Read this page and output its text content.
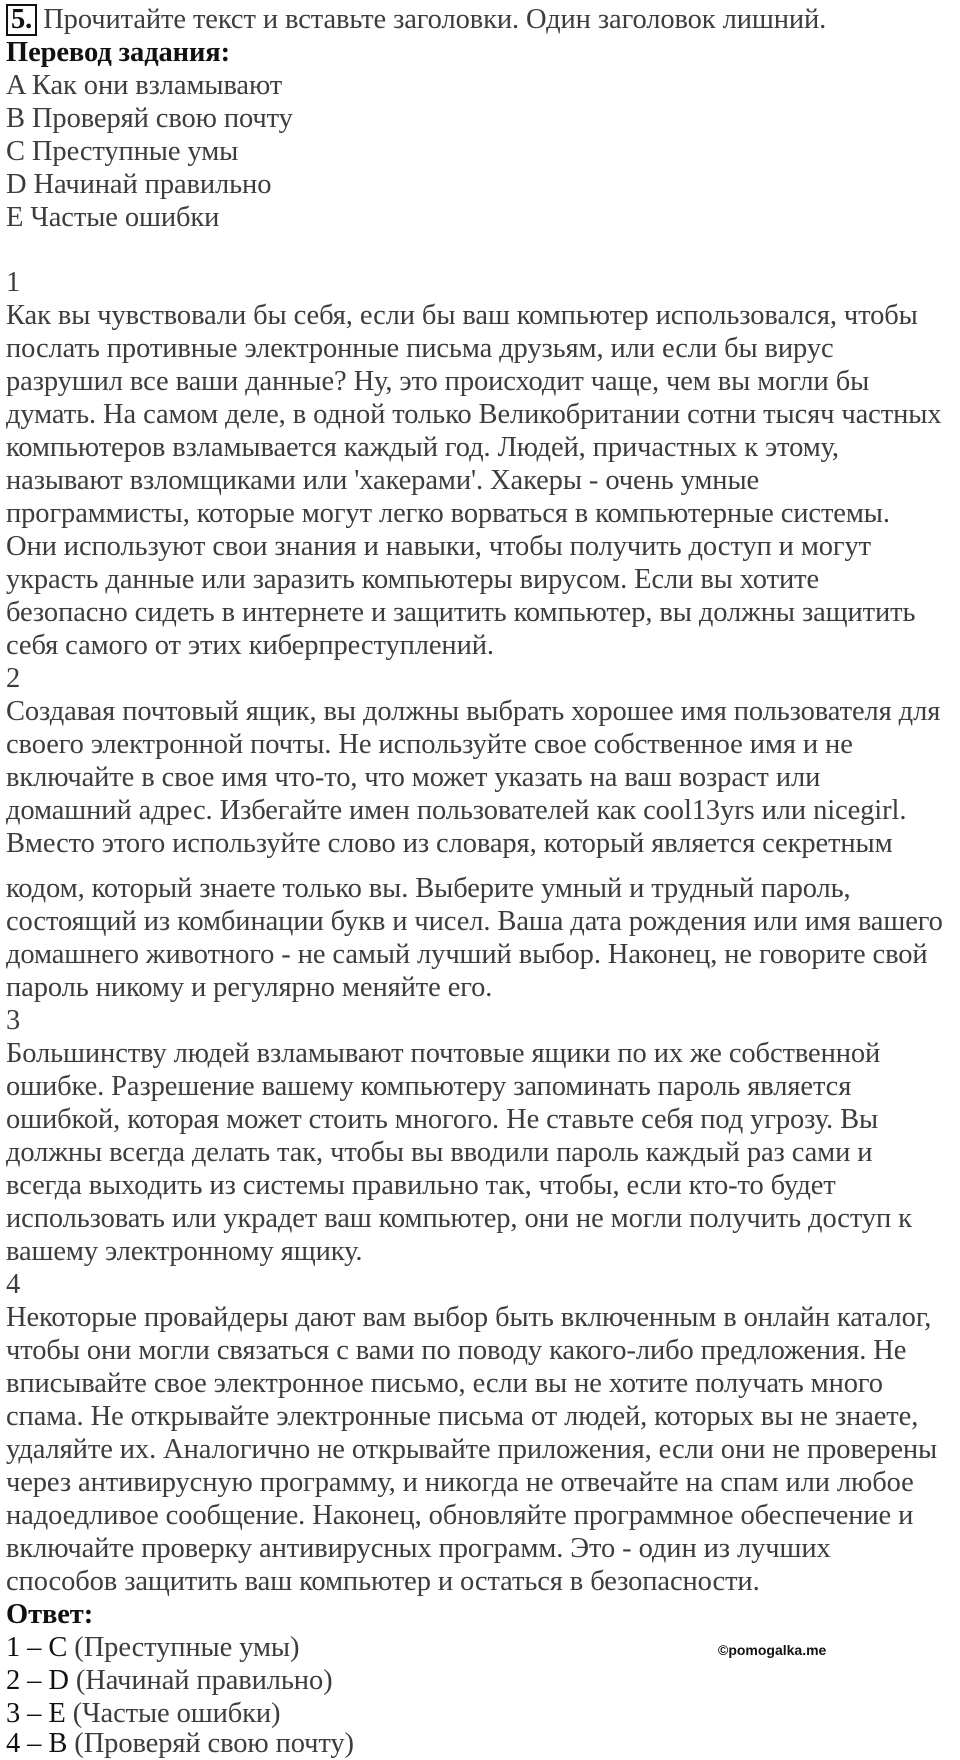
5. Прочитайте текст и вставьте заголовки. Один заголовок лишний.
Перевод задания:
A Как они взламывают
B Проверяй свою почту
C Преступные умы
D Начинай правильно
E Частые ошибки
1
Как вы чувствовали бы себя, если бы ваш компьютер использовался, чтобы
послать противные электронные письма друзьям, или если бы вирус
разрушил все ваши данные? Ну, это происходит чаще, чем вы могли бы
думать. На самом деле, в одной только Великобритании сотни тысяч частных
компьютеров взламывается каждый год. Людей, причастных к этому,
называют взломщиками или 'хакерами'. Хакеры - очень умные
программисты, которые могут легко ворваться в компьютерные системы.
Они используют свои знания и навыки, чтобы получить доступ и могут
украсть данные или заразить компьютеры вирусом. Если вы хотите
безопасно сидеть в интернете и защитить компьютер, вы должны защитить
себя самого от этих киберпреступлений.
2
Создавая почтовый ящик, вы должны выбрать хорошее имя пользователя для
своего электронной почты. Не используйте свое собственное имя и не
включайте в свое имя что-то, что может указать на ваш возраст или
домашний адрес. Избегайте имен пользователей как cool13yrs или nicegirl.
Вместо этого используйте слово из словаря, который является секретным
кодом, который знаете только вы. Выберите умный и трудный пароль,
состоящий из комбинации букв и чисел. Ваша дата рождения или имя вашего
домашнего животного - не самый лучший выбор. Наконец, не говорите свой
пароль никому и регулярно меняйте его.
3
Большинству людей взламывают почтовые ящики по их же собственной
ошибке. Разрешение вашему компьютеру запоминать пароль является
ошибкой, которая может стоить многого. Не ставьте себя под угрозу. Вы
должны всегда делать так, чтобы вы вводили пароль каждый раз сами и
всегда выходить из системы правильно так, чтобы, если кто-то будет
использовать или украдет ваш компьютер, они не могли получить доступ к
вашему электронному ящику.
4
Некоторые провайдеры дают вам выбор быть включенным в онлайн каталог,
чтобы они могли связаться с вами по поводу какого-либо предложения. Не
вписывайте свое электронное письмо, если вы не хотите получать много
спама. Не открывайте электронные письма от людей, которых вы не знаете,
удаляйте их. Аналогично не открывайте приложения, если они не проверены
через антивирусную программу, и никогда не отвечайте на спам или любое
надоедливое сообщение. Наконец, обновляйте программное обеспечение и
включайте проверку антивирусных программ. Это - один из лучших
способов защитить ваш компьютер и остаться в безопасности.
Ответ:
1 – C (Преступные умы)
2 – D (Начинай правильно)
3 – E (Частые ошибки)
4 – B (Проверяй свою почту)
©pomogalka.me
